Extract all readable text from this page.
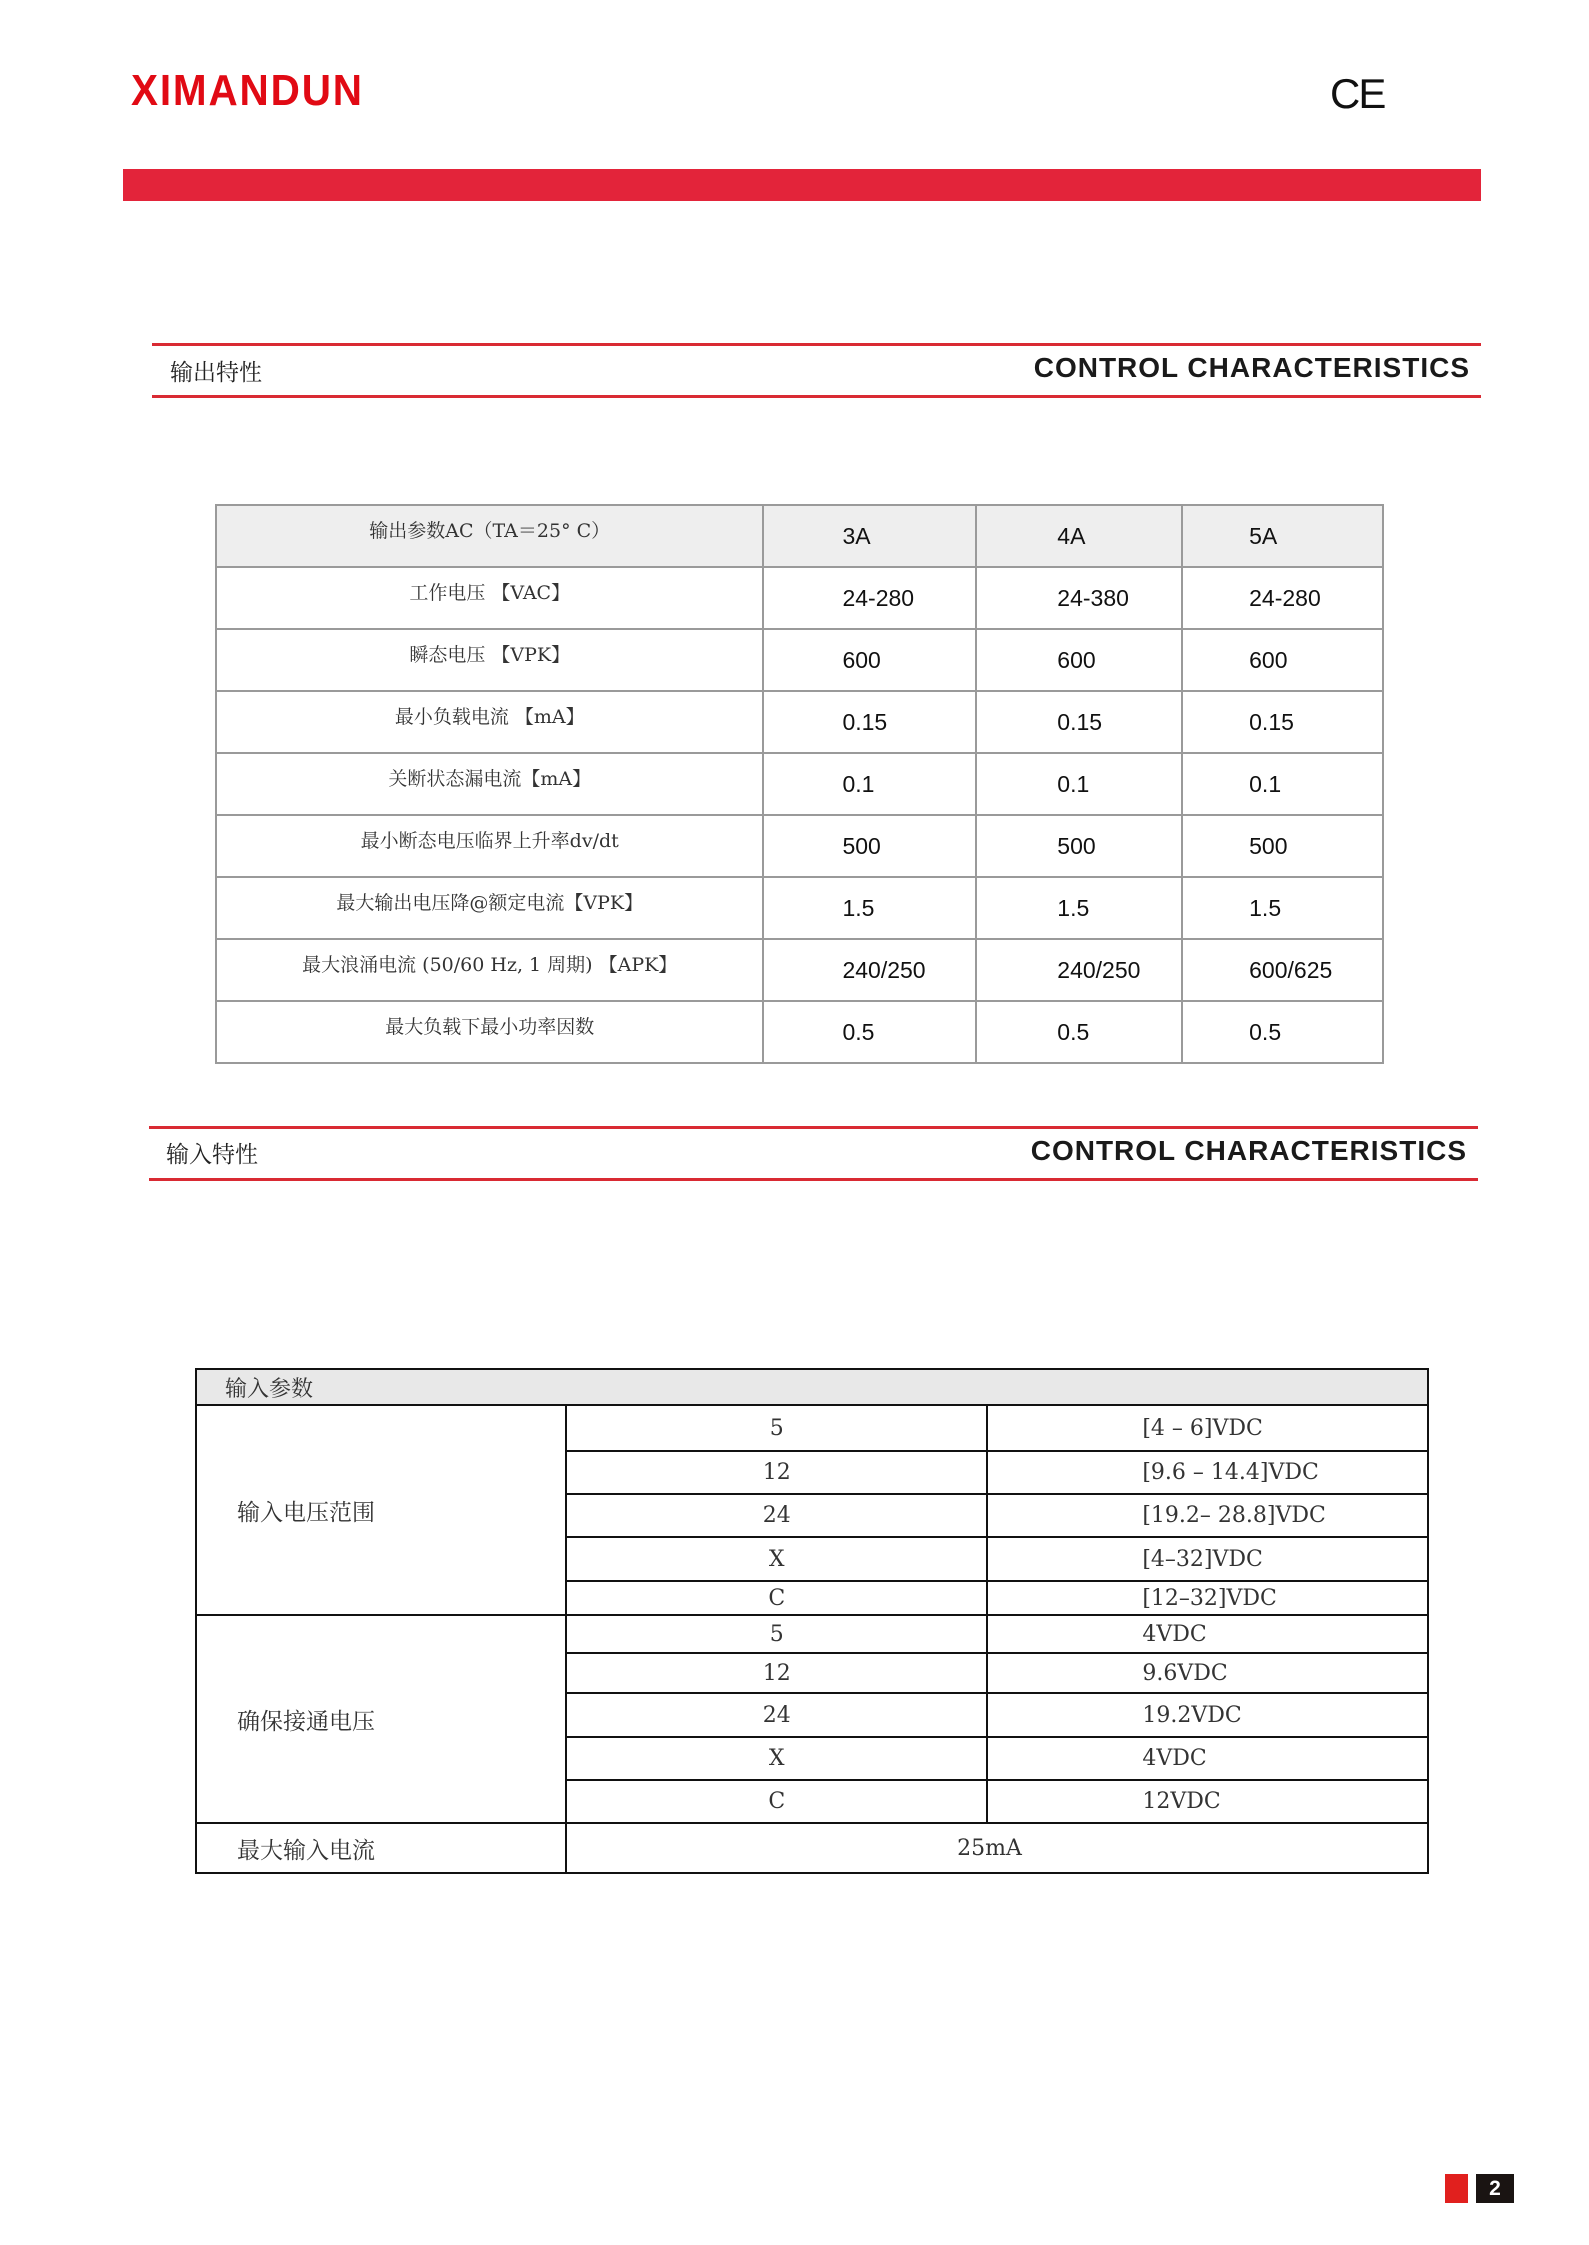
XIMANDUN	CE
输出特性	CONTROL CHARACTERISTICS
输出参数AC（TA＝25° C）	3A	4A	5A
工作电压 【VAC】	24-280	24-380	24-280
瞬态电压 【VPK】	600	600	600
最小负载电流 【mA】	0.15	0.15	0.15
关断状态漏电流【mA】	0.1	0.1	0.1
最小断态电压临界上升率dv/dt	500	500	500
最大输出电压降@额定电流【VPK】	1.5	1.5	1.5
最大浪涌电流 (50/60 Hz, 1 周期) 【APK】	240/250	240/250	600/625
最大负载下最小功率因数	0.5	0.5	0.5
输入特性	CONTROL CHARACTERISTICS
输入参数		
输入电压范围	5	[4 – 6]VDC
	12	[9.6 – 14.4]VDC
	24	[19.2– 28.8]VDC
	X	[4–32]VDC
	C	[12–32]VDC
确保接通电压	5	4VDC
	12	9.6VDC
	24	19.2VDC
	X	4VDC
	C	12VDC
最大输入电流	25mA	
2
